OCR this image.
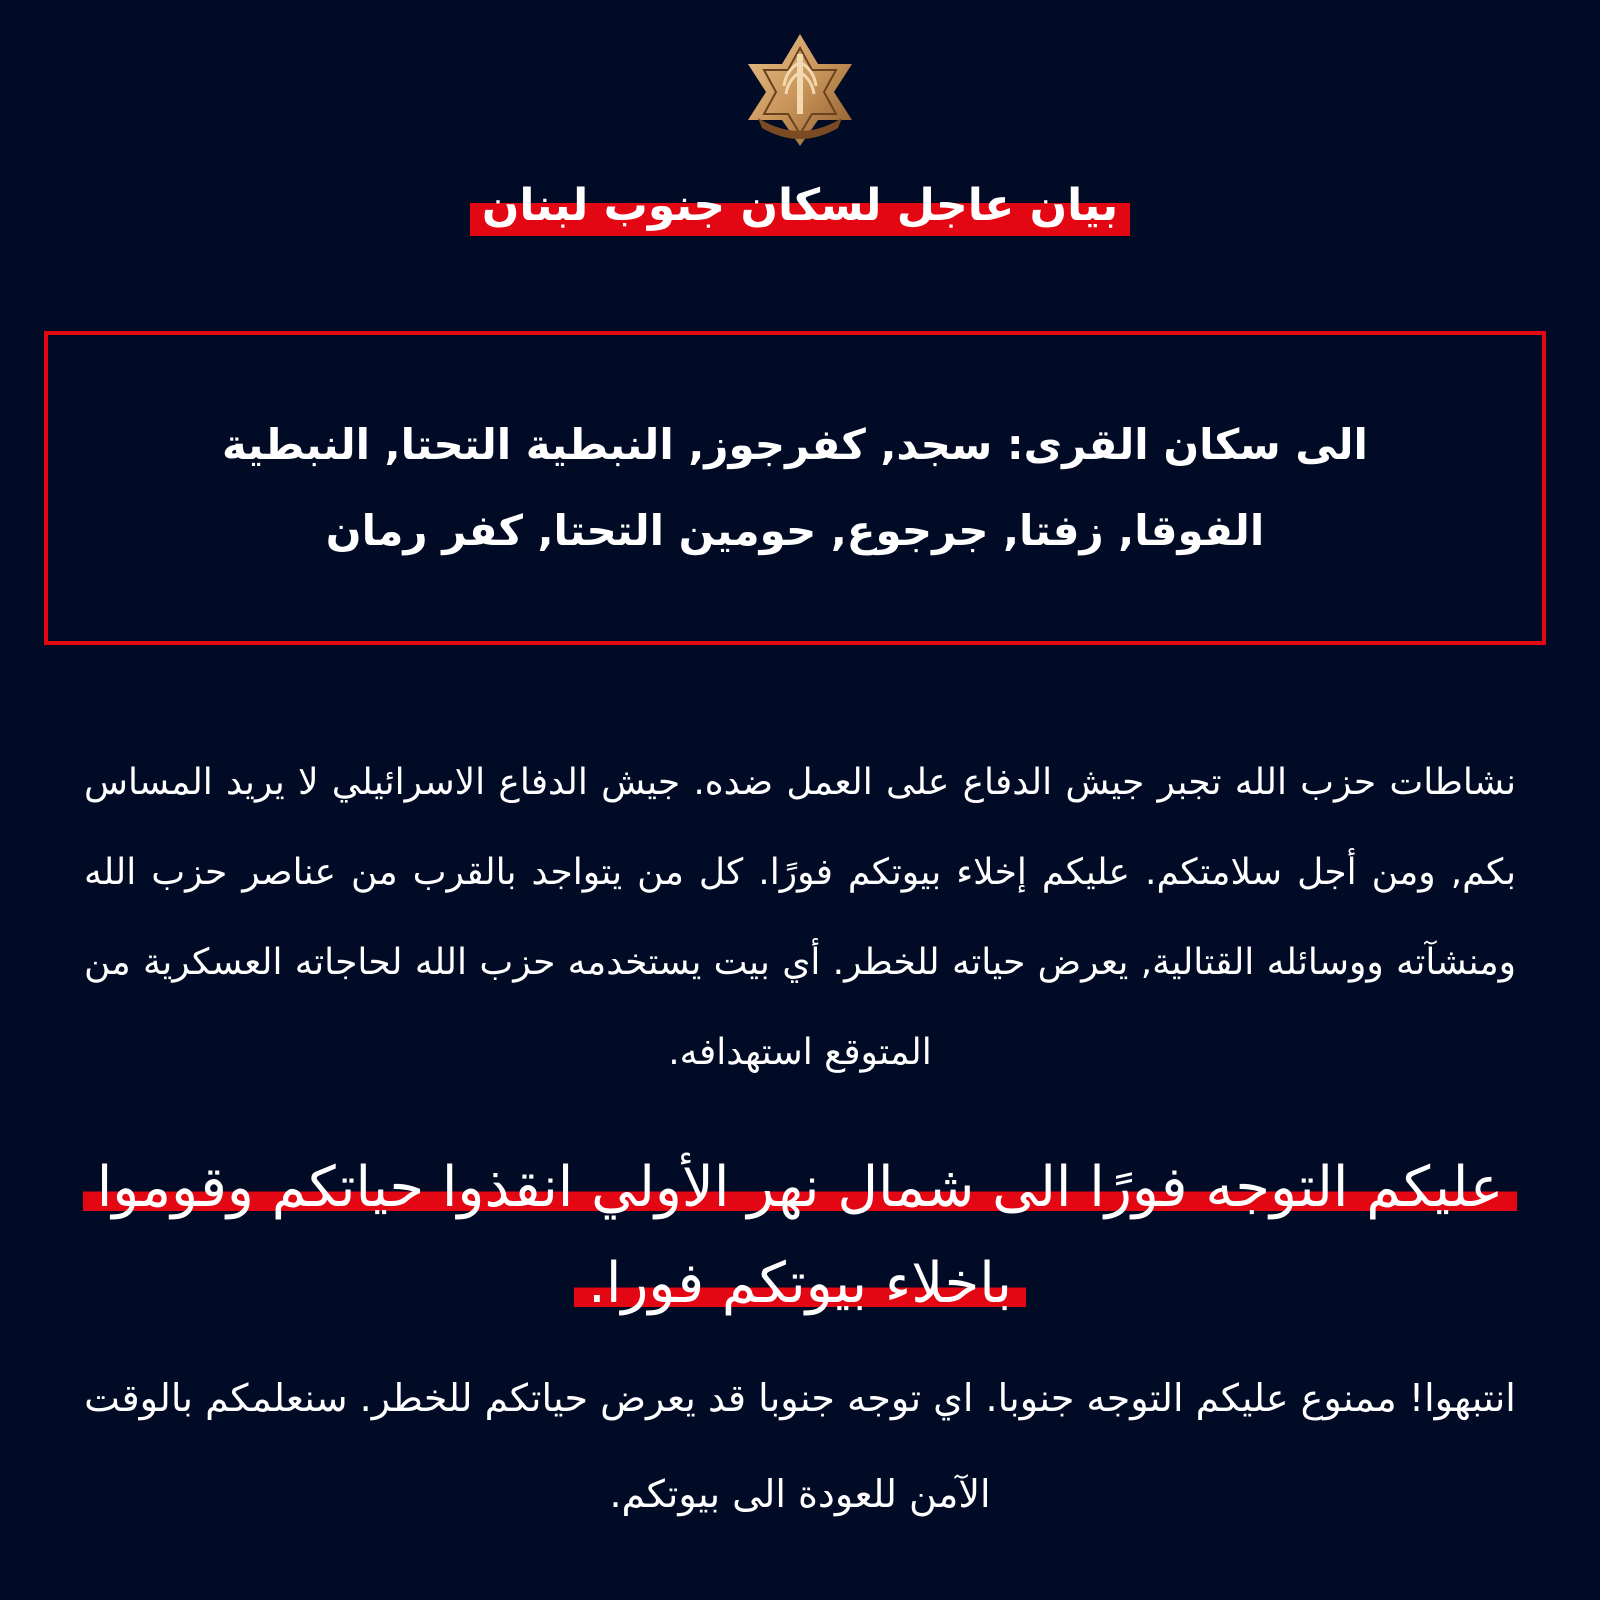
بيان عاجل لسكان جنوب لبنان

الى سكان القرى: سجد, كفرجوز, النبطية التحتا, النبطية الفوقا, زفتا, جرجوع, حومين التحتا, كفر رمان

نشاطات حزب الله تجبر جيش الدفاع على العمل ضده. جيش الدفاع الاسرائيلي لا يريد المساس بكم, ومن أجل سلامتكم. عليكم إخلاء بيوتكم فورًا. كل من يتواجد بالقرب من عناصر حزب الله ومنشآته ووسائله القتالية, يعرض حياته للخطر. أي بيت يستخدمه حزب الله لحاجاته العسكرية من المتوقع استهدافه.

عليكم التوجه فورًا الى شمال نهر الأولي انقذوا حياتكم وقوموا باخلاء بيوتكم فورا.

انتبهوا! ممنوع عليكم التوجه جنوبا. اي توجه جنوبا قد يعرض حياتكم للخطر. سنعلمكم بالوقت الآمن للعودة الى بيوتكم.
